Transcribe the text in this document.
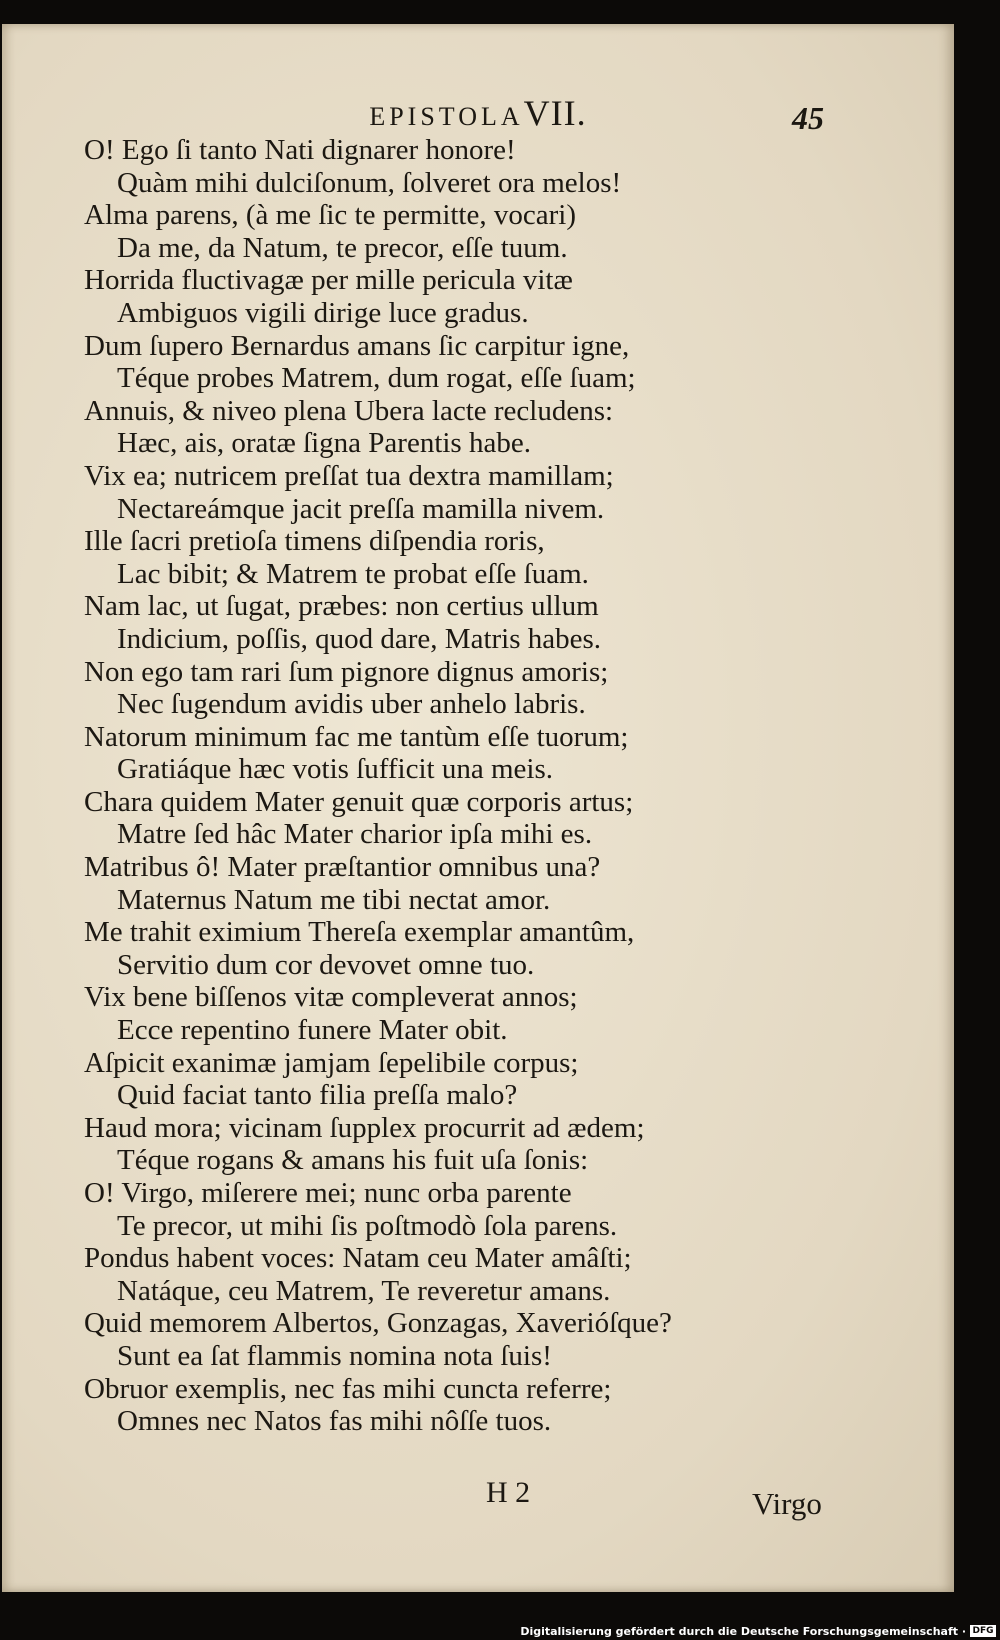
EPISTOLAVII.	45
O! Ego ſi tanto Nati dignarer honore!
Quàm mihi dulciſonum, ſolveret ora melos!
Alma parens, (à me ſic te permitte, vocari)
Da me, da Natum, te precor, eſſe tuum.
Horrida fluctivagæ per mille pericula vitæ
Ambiguos vigili dirige luce gradus.
Dum ſupero Bernardus amans ſic carpitur igne,
Téque probes Matrem, dum rogat, eſſe ſuam;
Annuis, & niveo plena Ubera lacte recludens:
Hæc, ais, oratæ ſigna Parentis habe.
Vix ea; nutricem preſſat tua dextra mamillam;
Nectareámque jacit preſſa mamilla nivem.
Ille ſacri pretioſa timens diſpendia roris,
Lac bibit; & Matrem te probat eſſe ſuam.
Nam lac, ut ſugat, præbes: non certius ullum
Indicium, poſſis, quod dare, Matris habes.
Non ego tam rari ſum pignore dignus amoris;
Nec ſugendum avidis uber anhelo labris.
Natorum minimum fac me tantùm eſſe tuorum;
Gratiáque hæc votis ſufficit una meis.
Chara quidem Mater genuit quæ corporis artus;
Matre ſed hâc Mater charior ipſa mihi es.
Matribus ô! Mater præſtantior omnibus una?
Maternus Natum me tibi nectat amor.
Me trahit eximium Thereſa exemplar amantûm,
Servitio dum cor devovet omne tuo.
Vix bene biſſenos vitæ compleverat annos;
Ecce repentino funere Mater obit.
Aſpicit exanimæ jamjam ſepelibile corpus;
Quid faciat tanto filia preſſa malo?
Haud mora; vicinam ſupplex procurrit ad ædem;
Téque rogans & amans his fuit uſa ſonis:
O! Virgo, miſerere mei; nunc orba parente
Te precor, ut mihi ſis poſtmodò ſola parens.
Pondus habent voces: Natam ceu Mater amâſti;
Natáque, ceu Matrem, Te reveretur amans.
Quid memorem Albertos, Gonzagas, Xaverióſque?
Sunt ea ſat flammis nomina nota ſuis!
Obruor exemplis, nec fas mihi cuncta referre;
Omnes nec Natos fas mihi nôſſe tuos.
H 2	Virgo
Digitalisierung gefördert durch die Deutsche Forschungsgemeinschaft · DFG
